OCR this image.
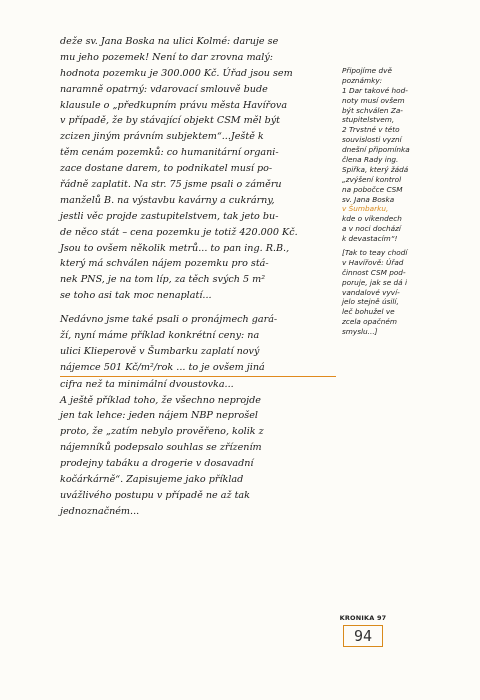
deže sv. Jana Boska na ulici Kolmé: daruje se
mu jeho pozemek! Není to dar zrovna malý:
hodnota pozemku je 300.000 Kč. Úřad jsou sem
naramně opatrný: vdarovací smlouvě bude
klausule o „předkupním právu města Havířova
v případě, že by stávající objekt CSM měl být
zcizen jiným právním subjektem“...Ještě k
těm cenám pozemků: co humanitární organi-
zace dostane darem, to podnikatel musí po-
řádně zaplatit. Na str. 75 jsme psali o záměru
manželů B. na výstavbu kavárny a cukrárny,
jestli věc projde zastupitelstvem, tak jeto bu-
de něco stát – cena pozemku je totiž 420.000 Kč.
Jsou to ovšem několik metrů... to pan ing. R.B.,
který má schválen nájem pozemku pro stá-
nek PNS, je na tom líp, za těch svých 5 m²
se toho asi tak moc nenaplatí...
Nedávno jsme také psali o pronájmech gará-
ží, nyní máme příklad konkrétní ceny: na
ulici Klieperově v Šumbarku zaplatí nový
nájemce 501 Kč/m²/rok ... to je ovšem jiná
cifra než ta minimální dvoustovka...
A ještě příklad toho, že všechno neprojde
jen tak lehce: jeden nájem NBP neprošel
proto, že „zatím nebylo prověřeno, kolik z
nájemníků podepsalo souhlas se zřízením
prodejny tabáku a drogerie v dosavadní
kočárkárně“. Zapisujeme jako příklad
uvážlivého postupu v případě ne až tak
jednoznačném...
Připojíme dvě
poznámky:
1 Dar takové hod-
noty musí ovšem
být schválen Za-
stupitelstvem,
2 Trvstné v této
souvislosti vyzní
dnešní připomínka
člena Rady ing.
Spiřka, který žádá
„zvýšení kontrol
na pobočce CSM
sv. Jana Boska
v Šumbarku,
kde o víkendech
a v noci dochází
k devastacím“!
[Tak to teay chodí
v Havířově: Úřad
činnost CSM pod-
poruje, jak se dá i
vandalové vyví-
jelo stejně úsilí,
leč bohužel ve
zcela opačném
smyslu...]
KRONIKA 97
94
